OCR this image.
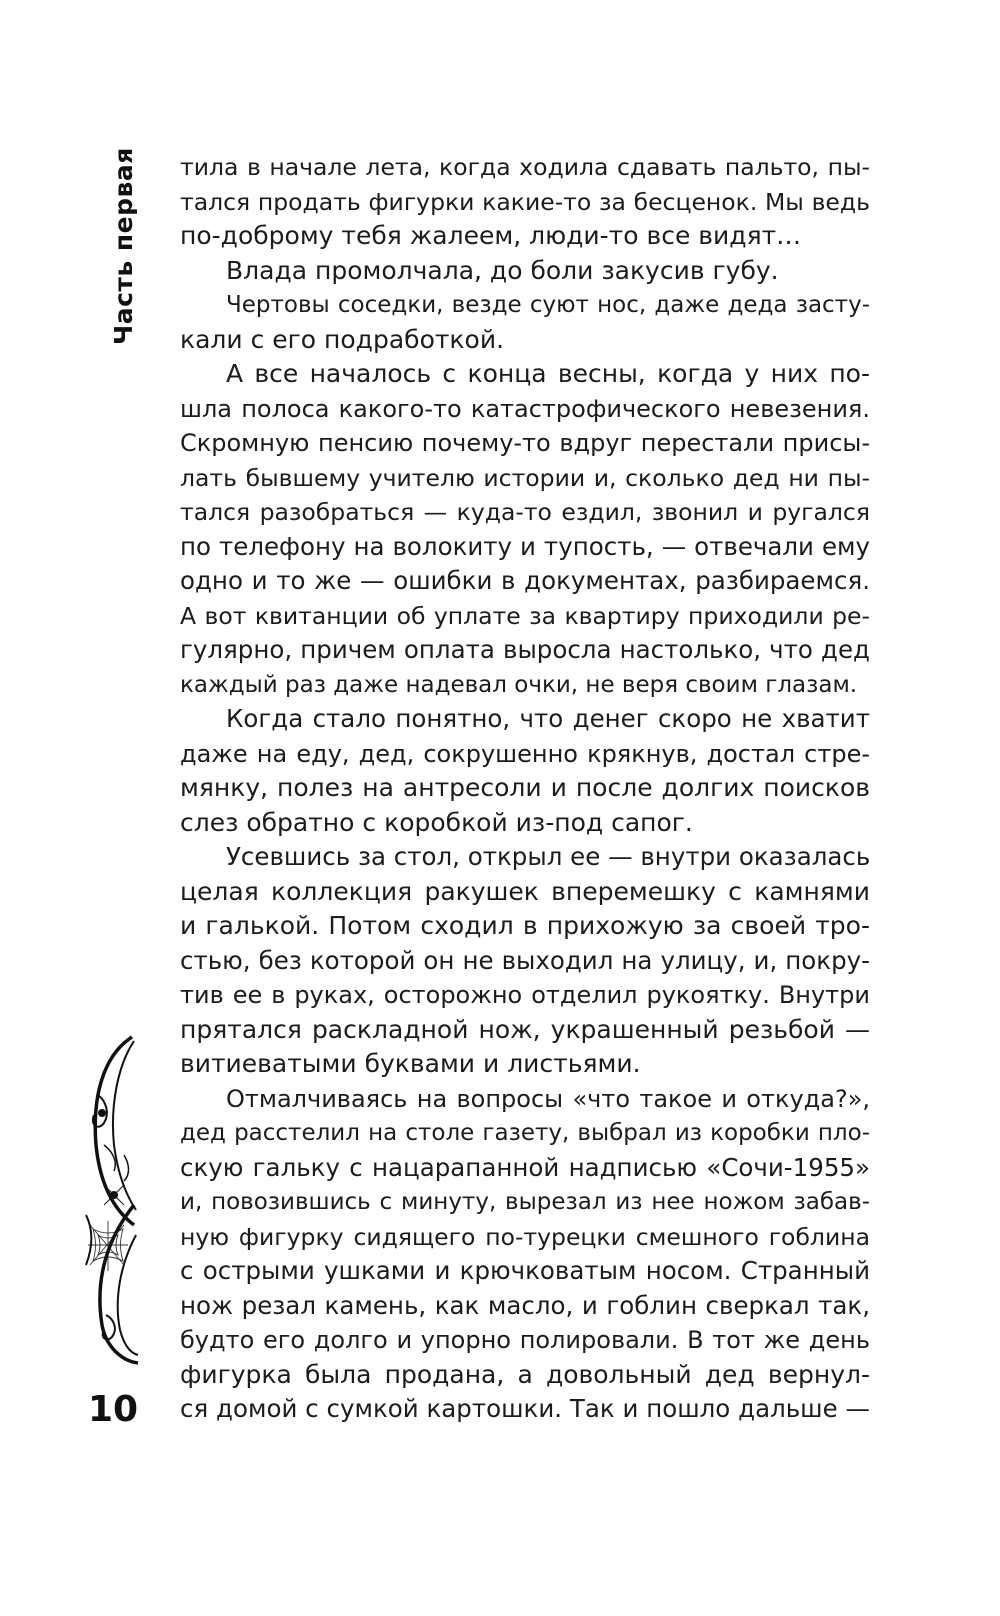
Часть первая
10
тила в начале лета, когда ходила сдавать пальто, пы-
тался продать фигурки какие-то за бесценок. Мы ведь
по-доброму тебя жалеем, люди-то все видят…
Влада промолчала, до боли закусив губу.
Чертовы соседки, везде суют нос, даже деда засту-
кали с его подработкой.
А все началось с конца весны, когда у них по-
шла полоса какого-то катастрофического невезения.
Скромную пенсию почему-то вдруг перестали присы-
лать бывшему учителю истории и, сколько дед ни пы-
тался разобраться — куда-то ездил, звонил и ругался
по телефону на волокиту и тупость, — отвечали ему
одно и то же — ошибки в документах, разбираемся.
А вот квитанции об уплате за квартиру приходили ре-
гулярно, причем оплата выросла настолько, что дед
каждый раз даже надевал очки, не веря своим глазам.
Когда стало понятно, что денег скоро не хватит
даже на еду, дед, сокрушенно крякнув, достал стре-
мянку, полез на антресоли и после долгих поисков
слез обратно с коробкой из-под сапог.
Усевшись за стол, открыл ее — внутри оказалась
целая коллекция ракушек вперемешку с камнями
и галькой. Потом сходил в прихожую за своей тро-
стью, без которой он не выходил на улицу, и, покру-
тив ее в руках, осторожно отделил рукоятку. Внутри
прятался раскладной нож, украшенный резьбой —
витиеватыми буквами и листьями.
Отмалчиваясь на вопросы «что такое и откуда?»,
дед расстелил на столе газету, выбрал из коробки пло-
скую гальку с нацарапанной надписью «Сочи-1955»
и, повозившись с минуту, вырезал из нее ножом забав-
ную фигурку сидящего по-турецки смешного гоблина
с острыми ушками и крючковатым носом. Странный
нож резал камень, как масло, и гоблин сверкал так,
будто его долго и упорно полировали. В тот же день
фигурка была продана, а довольный дед вернул-
ся домой с сумкой картошки. Так и пошло дальше —
